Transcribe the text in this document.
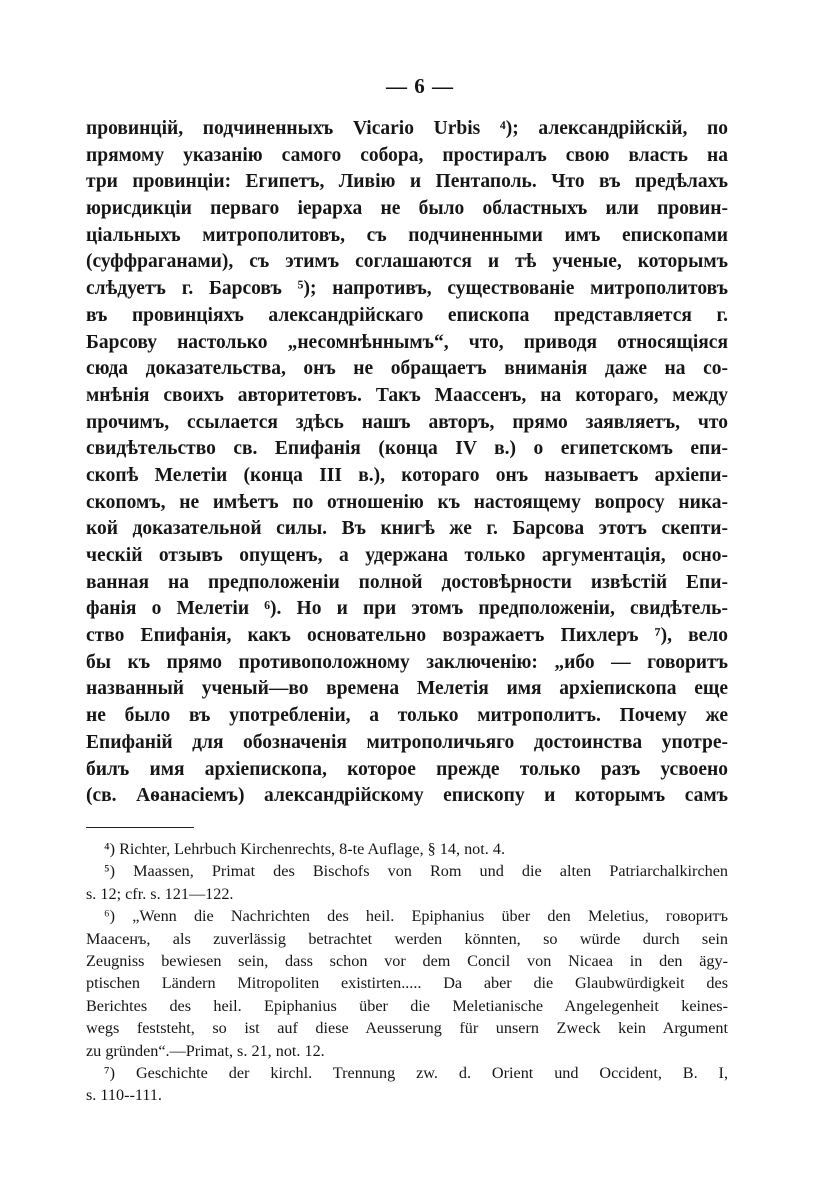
— 6 —
провинцій, подчиненныхъ Vicario Urbis ⁴); александрійскій, по
прямому указанію самого собора, простиралъ свою власть на
три провинціи: Египетъ, Ливію и Пентаполь. Что въ предѣлахъ
юрисдикціи перваго іерарха не было областныхъ или провин-
ціальныхъ митрополитовъ, съ подчиненными имъ епископами
(суффраганами), съ этимъ соглашаются и тѣ ученые, которымъ
слѣдуетъ г. Барсовъ ⁵); напротивъ, существованіе митрополитовъ
въ провинціяхъ александрійскаго епископа представляется г.
Барсову настолько „несомнѣннымъ“, что, приводя относящіяся
сюда доказательства, онъ не обращаетъ вниманія даже на со-
мнѣнія своихъ авторитетовъ. Такъ Маассенъ, на котораго, между
прочимъ, ссылается здѣсь нашъ авторъ, прямо заявляетъ, что
свидѣтельство св. Епифанія (конца IV в.) о египетскомъ епи-
скопѣ Мелетіи (конца III в.), котораго онъ называетъ архіепи-
скопомъ, не имѣетъ по отношенію къ настоящему вопросу ника-
кой доказательной силы. Въ книгѣ же г. Барсова этотъ скепти-
ческій отзывъ опущенъ, а удержана только аргументація, осно-
ванная на предположеніи полной достовѣрности извѣстій Епи-
фанія о Мелетіи ⁶). Но и при этомъ предположеніи, свидѣтель-
ство Епифанія, какъ основательно возражаетъ Пихлеръ ⁷), вело
бы къ прямо противоположному заключенію: „ибо — говоритъ
названный ученый—во времена Мелетія имя архіепископа еще
не было въ употребленіи, а только митрополитъ. Почему же
Епифаній для обозначенія митрополичьяго достоинства употре-
билъ имя архіепископа, которое прежде только разъ усвоено
(св. Аѳанасіемъ) александрійскому епископу и которымъ самъ
⁴) Richter, Lehrbuch Kirchenrechts, 8-te Auflage, § 14, not. 4.
⁵) Maassen, Primat des Bischofs von Rom und die alten Patriarchalkirchen
s. 12; cfr. s. 121—122.
⁶) „Wenn die Nachrichten des heil. Epiphanius über den Meletius, говоритъ
Маасенъ, als zuverlässig betrachtet werden könnten, so würde durch sein
Zeugniss bewiesen sein, dass schon vor dem Concil von Nicaea in den ägy-
ptischen Ländern Mitropoliten existirten..... Da aber die Glaubwürdigkeit des
Berichtes des heil. Epiphanius über die Meletianische Angelegenheit keines-
wegs feststeht, so ist auf diese Aeusserung für unsern Zweck kein Argument
zu gründen“.—Primat, s. 21, not. 12.
⁷) Geschichte der kirchl. Trennung zw. d. Orient und Occident, B. I,
s. 110--111.
